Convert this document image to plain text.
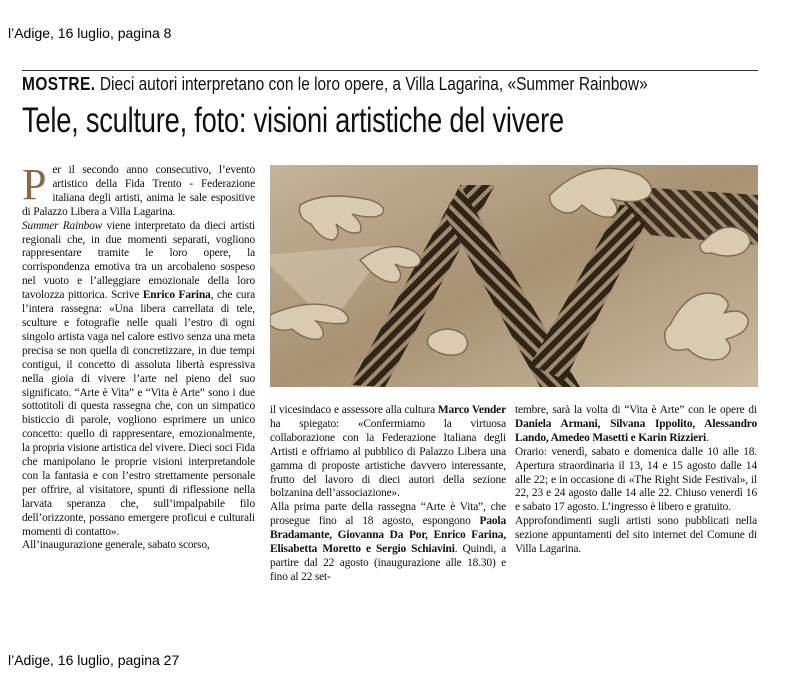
l’Adige, 16 luglio, pagina 8
MOSTRE. Dieci autori interpretano con le loro opere, a Villa Lagarina, «Summer Rainbow»
Tele, sculture, foto: visioni artistiche del vivere

Per il secondo anno consecutivo, l’evento artistico della Fida Trento - Federazione italiana degli artisti, anima le sale espositive di Palazzo Libera a Villa Lagarina.

Summer Rainbow viene interpretato da dieci artisti regionali che, in due momenti separati, vogliono rappresentare tramite le loro opere, la corrispondenza emotiva tra un arcobaleno sospeso nel vuoto e l’alleggiare emozionale della loro tavolozza pittorica. Scrive Enrico Farina, che cura l’intera rassegna: «Una libera carrellata di tele, sculture e fotografie nelle quali l’estro di ogni singolo artista vaga nel calore estivo senza una meta precisa se non quella di concretizzare, in due tempi contigui, il concetto di assoluta libertà espressiva nella gioia di vivere l’arte nel pieno del suo significato. “Arte è Vita” e “Vita è Arte” sono i due sottotitoli di questa rassegna che, con un simpatico bisticcio di parole, vogliono esprimere un unico concetto: quello di rappresentare, emozionalmente, la propria visione artistica del vivere. Dieci soci Fida che manipolano le proprie visioni interpretandole con la fantasia e con l’estro strettamente personale per offrire, al visitatore, spunti di riflessione nella larvata speranza che, sull’impalpabile filo dell’orizzonte, possano emergere proficui e culturali momenti di contatto».

All’inaugurazione generale, sabato scorso,

il vicesindaco e assessore alla cultura Marco Vender ha spiegato: «Confermiamo la virtuosa collaborazione con la Federazione Italiana degli Artisti e offriamo al pubblico di Palazzo Libera una gamma di proposte artistiche davvero interessante, frutto del lavoro di dieci autori della sezione bolzanina dell’associazione».

Alla prima parte della rassegna “Arte è Vita”, che prosegue fino al 18 agosto, espongono Paola Bradamante, Giovanna Da Por, Enrico Farina, Elisabetta Moretto e Sergio Schiavini. Quindi, a partire dal 22 agosto (inaugurazione alle 18.30) e fino al 22 set-

tembre, sarà la volta di “Vita è Arte” con le opere di Daniela Armani, Silvana Ippolito, Alessandro Lando, Amedeo Masetti e Karin Rizzieri.

Orario: venerdì, sabato e domenica dalle 10 alle 18. Apertura straordinaria il 13, 14 e 15 agosto dalle 14 alle 22; e in occasione di «The Right Side Festival», il 22, 23 e 24 agosto dalle 14 alle 22. Chiuso venerdì 16 e sabato 17 agosto. L’ingresso è libero e gratuito.

Approfondimenti sugli artisti sono pubblicati nella sezione appuntamenti del sito internet del Comune di Villa Lagarina.

l’Adige, 16 luglio, pagina 27
